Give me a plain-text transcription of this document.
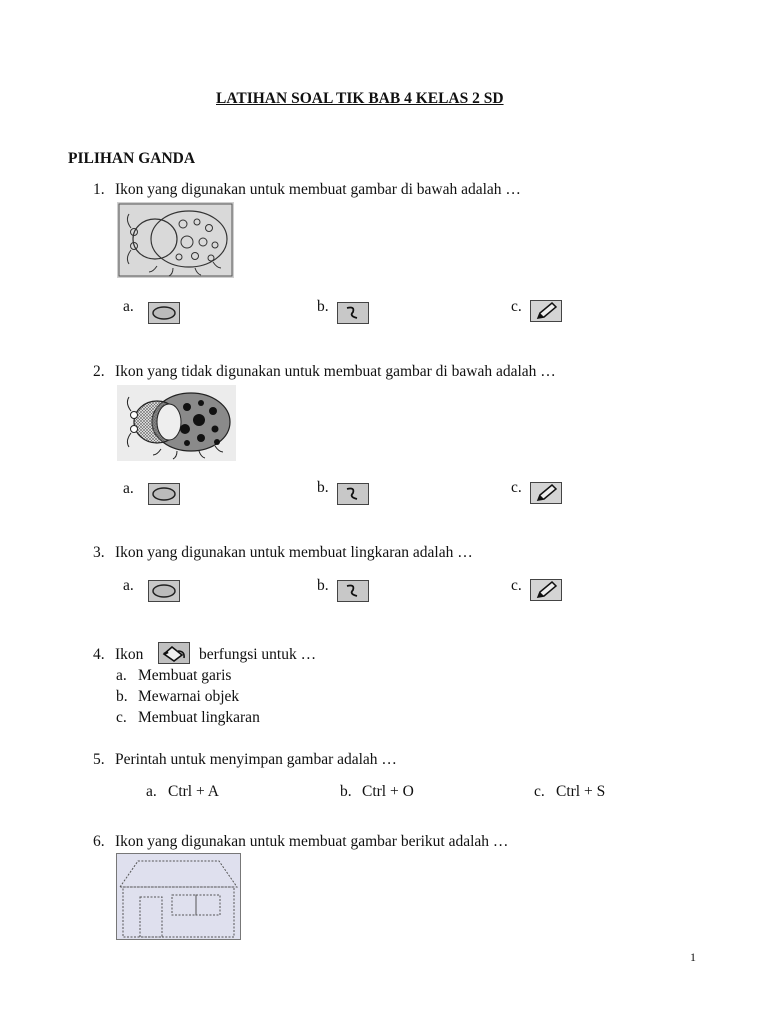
LATIHAN SOAL TIK BAB 4 KELAS 2 SD
PILIHAN GANDA
1. Ikon yang digunakan untuk membuat gambar di bawah adalah …
a.	b.	c.
2. Ikon yang tidak digunakan untuk membuat gambar di bawah adalah …
a.	b.	c.
3. Ikon yang digunakan untuk membuat lingkaran adalah …
a.	b.	c.
4. Ikon	berfungsi untuk …
a. Membuat garis
b. Mewarnai objek
c. Membuat lingkaran
5. Perintah untuk menyimpan gambar adalah …
a. Ctrl + A	b. Ctrl + O	c. Ctrl + S
6. Ikon yang digunakan untuk membuat gambar berikut adalah …
1
